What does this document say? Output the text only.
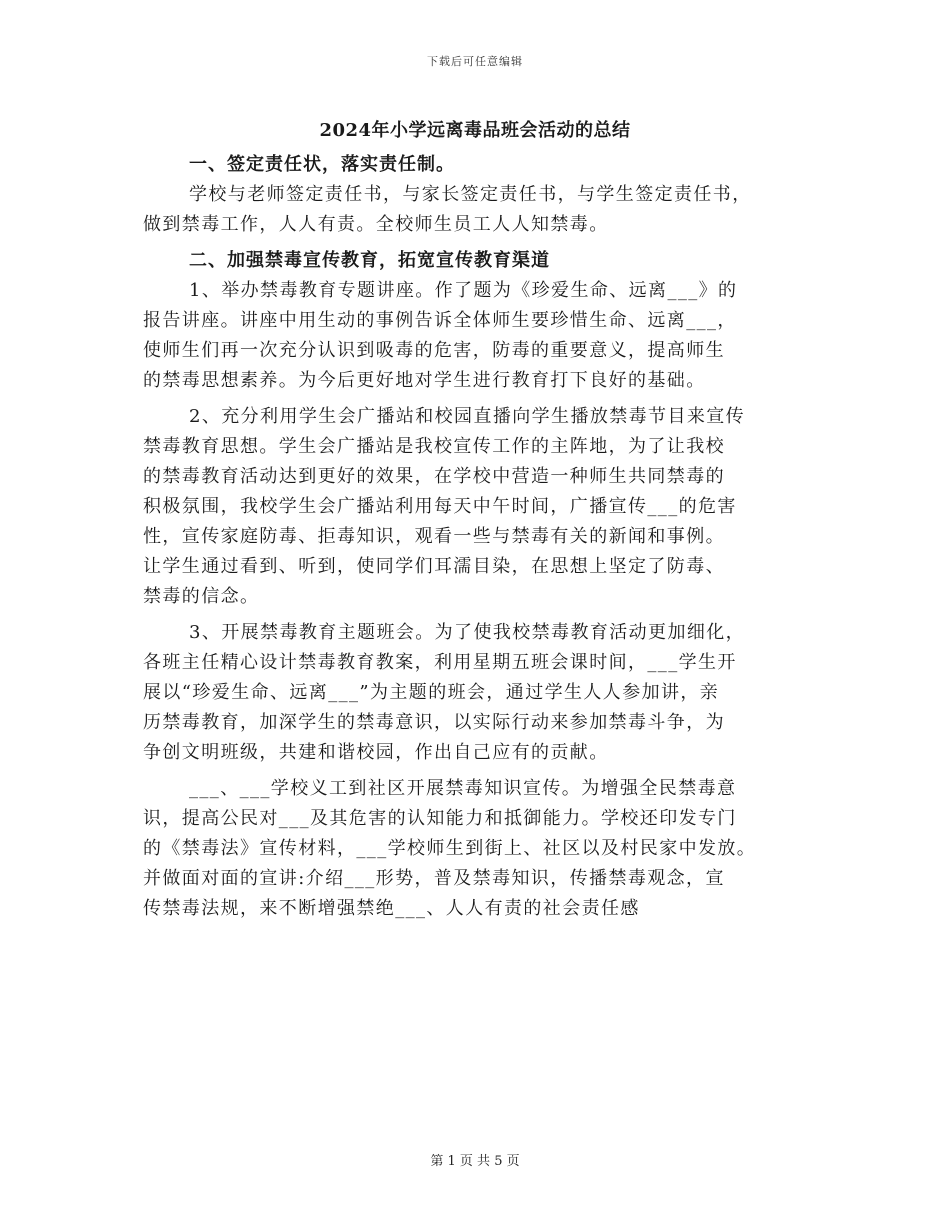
下载后可任意编辑
2024年小学远离毒品班会活动的总结
一、签定责任状，落实责任制。
学校与老师签定责任书，与家长签定责任书，与学生签定责任书，
做到禁毒工作，人人有责。全校师生员工人人知禁毒。
二、加强禁毒宣传教育，拓宽宣传教育渠道
1、举办禁毒教育专题讲座。作了题为《珍爱生命、远离___》的
报告讲座。讲座中用生动的事例告诉全体师生要珍惜生命、远离___，
使师生们再一次充分认识到吸毒的危害，防毒的重要意义，提高师生
的禁毒思想素养。为今后更好地对学生进行教育打下良好的基础。
2、充分利用学生会广播站和校园直播向学生播放禁毒节目来宣传
禁毒教育思想。学生会广播站是我校宣传工作的主阵地，为了让我校
的禁毒教育活动达到更好的效果，在学校中营造一种师生共同禁毒的
积极氛围，我校学生会广播站利用每天中午时间，广播宣传___的危害
性，宣传家庭防毒、拒毒知识，观看一些与禁毒有关的新闻和事例。
让学生通过看到、听到，使同学们耳濡目染，在思想上坚定了防毒、
禁毒的信念。
3、开展禁毒教育主题班会。为了使我校禁毒教育活动更加细化，
各班主任精心设计禁毒教育教案，利用星期五班会课时间，___学生开
展以“珍爱生命、远离___”为主题的班会，通过学生人人参加讲，亲
历禁毒教育，加深学生的禁毒意识，以实际行动来参加禁毒斗争，为
争创文明班级，共建和谐校园，作出自己应有的贡献。
___、___学校义工到社区开展禁毒知识宣传。为增强全民禁毒意
识，提高公民对___及其危害的认知能力和抵御能力。学校还印发专门
的《禁毒法》宣传材料，___学校师生到街上、社区以及村民家中发放。
并做面对面的宣讲:介绍___形势，普及禁毒知识，传播禁毒观念，宣
传禁毒法规，来不断增强禁绝___、人人有责的社会责任感
第 1 页 共 5 页
